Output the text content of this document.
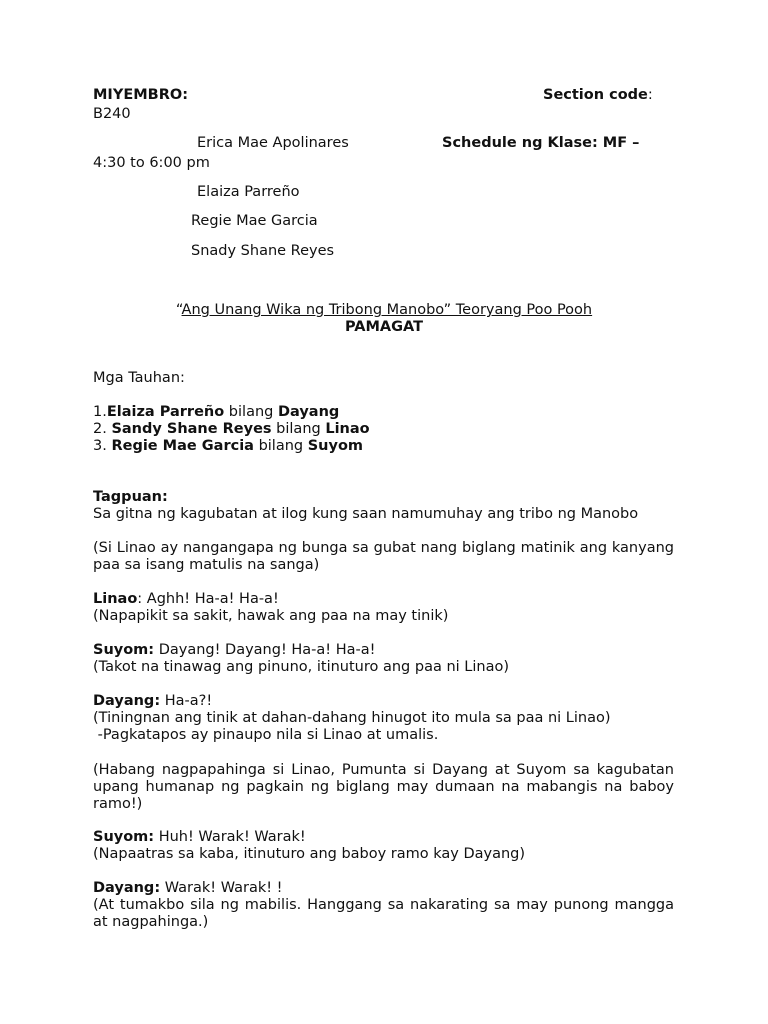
MIYEMBRO:	Section code:
B240
Erica Mae Apolinares	Schedule ng Klase: MF –
4:30 to 6:00 pm
Elaiza Parreño
Regie Mae Garcia
Snady Shane Reyes
“Ang Unang Wika ng Tribong Manobo” Teoryang Poo Pooh
PAMAGAT
Mga Tauhan:
1.Elaiza Parreño bilang Dayang
2. Sandy Shane Reyes bilang Linao
3. Regie Mae Garcia bilang Suyom
Tagpuan:
Sa gitna ng kagubatan at ilog kung saan namumuhay ang tribo ng Manobo
(Si Linao ay nangangapa ng bunga sa gubat nang biglang matinik ang kanyang paa sa isang matulis na sanga)
Linao: Aghh! Ha-a! Ha-a!
(Napapikit sa sakit, hawak ang paa na may tinik)
Suyom: Dayang! Dayang! Ha-a! Ha-a!
(Takot na tinawag ang pinuno, itinuturo ang paa ni Linao)
Dayang: Ha-a?!
(Tiningnan ang tinik at dahan-dahang hinugot ito mula sa paa ni Linao)
-Pagkatapos ay pinaupo nila si Linao at umalis.
(Habang nagpapahinga si Linao, Pumunta si Dayang at Suyom sa kagubatan upang humanap ng pagkain ng biglang may dumaan na mabangis na baboy ramo!)
Suyom: Huh! Warak! Warak!
(Napaatras sa kaba, itinuturo ang baboy ramo kay Dayang)
Dayang: Warak! Warak! !
(At tumakbo sila ng mabilis. Hanggang sa nakarating sa may punong mangga at nagpahinga.)
